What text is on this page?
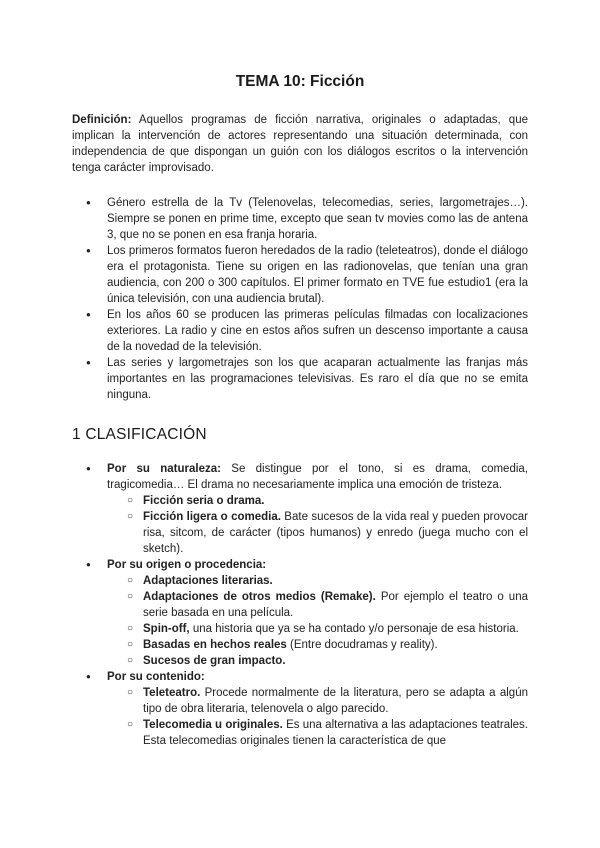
TEMA 10: Ficción

Definición: Aquellos programas de ficción narrativa, originales o adaptadas, que implican la intervención de actores representando una situación determinada, con independencia de que dispongan un guión con los diálogos escritos o la intervención tenga carácter improvisado.

● Género estrella de la Tv (Telenovelas, telecomedias, series, largometrajes…). Siempre se ponen en prime time, excepto que sean tv movies como las de antena 3, que no se ponen en esa franja horaria.
● Los primeros formatos fueron heredados de la radio (teleteatros), donde el diálogo era el protagonista. Tiene su origen en las radionovelas, que tenían una gran audiencia, con 200 o 300 capítulos. El primer formato en TVE fue estudio1 (era la única televisión, con una audiencia brutal).
● En los años 60 se producen las primeras películas filmadas con localizaciones exteriores. La radio y cine en estos años sufren un descenso importante a causa de la novedad de la televisión.
● Las series y largometrajes son los que acaparan actualmente las franjas más importantes en las programaciones televisivas. Es raro el día que no se emita ninguna.
1 CLASIFICACIÓN
● Por su naturaleza: Se distingue por el tono, si es drama, comedia, tragicomedia… El drama no necesariamente implica una emoción de tristeza.
○ Ficción seria o drama.
○ Ficción ligera o comedia. Bate sucesos de la vida real y pueden provocar risa, sitcom, de carácter (tipos humanos) y enredo (juega mucho con el sketch).
● Por su origen o procedencia:
○ Adaptaciones literarias.
○ Adaptaciones de otros medios (Remake). Por ejemplo el teatro o una serie basada en una película.
○ Spin-off, una historia que ya se ha contado y/o personaje de esa historia.
○ Basadas en hechos reales (Entre docudramas y reality).
○ Sucesos de gran impacto.
● Por su contenido:
○ Teleteatro. Procede normalmente de la literatura, pero se adapta a algún tipo de obra literaria, telenovela o algo parecido.
○ Telecomedia u originales. Es una alternativa a las adaptaciones teatrales. Esta telecomedias originales tienen la característica de que
